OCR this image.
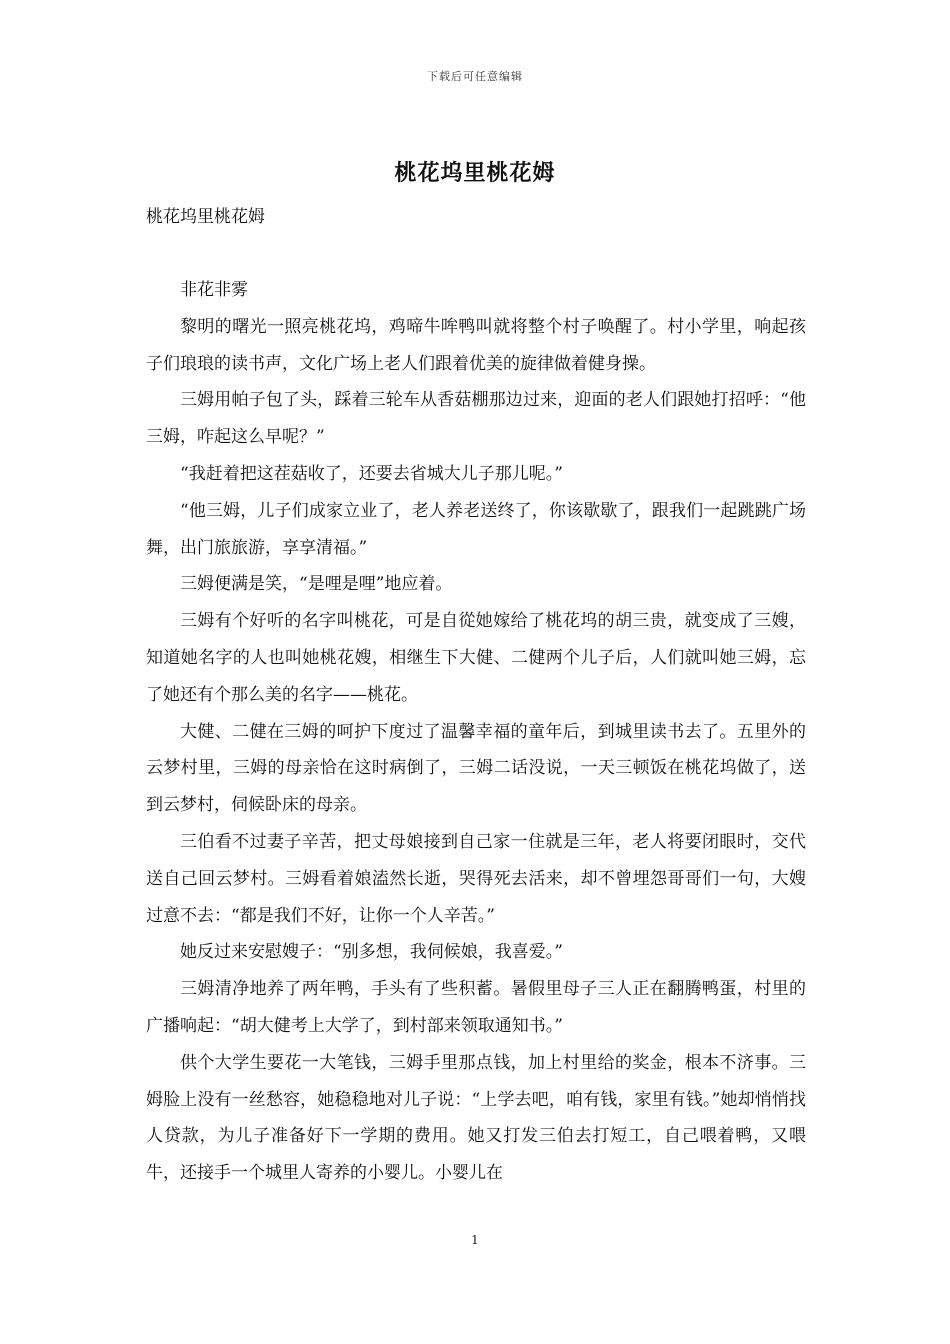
下载后可任意编辑
桃花坞里桃花姆
桃花坞里桃花姆

非花非雾

黎明的曙光一照亮桃花坞，鸡啼牛哞鸭叫就将整个村子唤醒了。村小学里，响起孩子们琅琅的读书声，文化广场上老人们跟着优美的旋律做着健身操。

三姆用帕子包了头，踩着三轮车从香菇棚那边过来，迎面的老人们跟她打招呼：“他三姆，咋起这么早呢？”

“我赶着把这茬菇收了，还要去省城大儿子那儿呢。”

“他三姆，儿子们成家立业了，老人养老送终了，你该歇歇了，跟我们一起跳跳广场舞，出门旅旅游，享享清福。”

三姆便满是笑，“是哩是哩”地应着。

三姆有个好听的名字叫桃花，可是自從她嫁给了桃花坞的胡三贵，就变成了三嫂，知道她名字的人也叫她桃花嫂，相继生下大健、二健两个儿子后，人们就叫她三姆，忘了她还有个那么美的名字——桃花。

大健、二健在三姆的呵护下度过了温馨幸福的童年后，到城里读书去了。五里外的云梦村里，三姆的母亲恰在这时病倒了，三姆二话没说，一天三顿饭在桃花坞做了，送到云梦村，伺候卧床的母亲。

三伯看不过妻子辛苦，把丈母娘接到自己家一住就是三年，老人将要闭眼时，交代送自己回云梦村。三姆看着娘溘然长逝，哭得死去活来，却不曾埋怨哥哥们一句，大嫂过意不去：“都是我们不好，让你一个人辛苦。”

她反过来安慰嫂子：“别多想，我伺候娘，我喜爱。”

三姆清净地养了两年鸭，手头有了些积蓄。暑假里母子三人正在翻腾鸭蛋，村里的广播响起：“胡大健考上大学了，到村部来领取通知书。”

供个大学生要花一大笔钱，三姆手里那点钱，加上村里给的奖金，根本不济事。三姆脸上没有一丝愁容，她稳稳地对儿子说：“上学去吧，咱有钱，家里有钱。”她却悄悄找人贷款，为儿子准备好下一学期的费用。她又打发三伯去打短工，自己喂着鸭，又喂牛，还接手一个城里人寄养的小婴儿。小婴儿在

1
